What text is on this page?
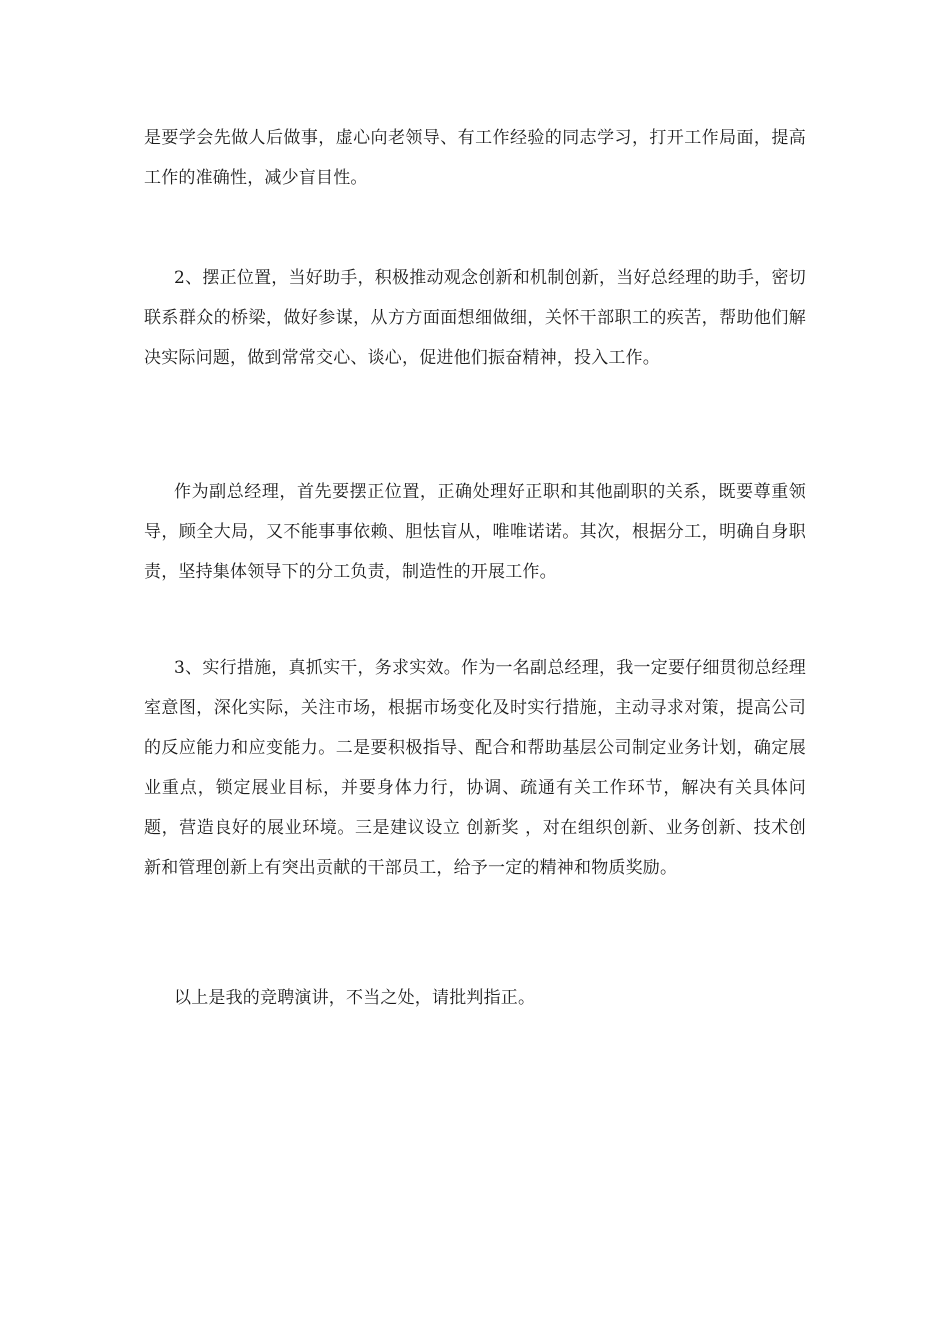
是要学会先做人后做事，虚心向老领导、有工作经验的同志学习，打开工作局面，提高工作的准确性，减少盲目性。

2、摆正位置，当好助手，积极推动观念创新和机制创新，当好总经理的助手，密切联系群众的桥梁，做好参谋，从方方面面想细做细，关怀干部职工的疾苦，帮助他们解决实际问题，做到常常交心、谈心，促进他们振奋精神，投入工作。

作为副总经理，首先要摆正位置，正确处理好正职和其他副职的关系，既要尊重领导，顾全大局，又不能事事依赖、胆怯盲从，唯唯诺诺。其次，根据分工，明确自身职责，坚持集体领导下的分工负责，制造性的开展工作。

3、实行措施，真抓实干，务求实效。作为一名副总经理，我一定要仔细贯彻总经理室意图，深化实际，关注市场，根据市场变化及时实行措施，主动寻求对策，提高公司的反应能力和应变能力。二是要积极指导、配合和帮助基层公司制定业务计划，确定展业重点，锁定展业目标，并要身体力行，协调、疏通有关工作环节，解决有关具体问题，营造良好的展业环境。三是建议设立 创新奖 ，对在组织创新、业务创新、技术创新和管理创新上有突出贡献的干部员工，给予一定的精神和物质奖励。

以上是我的竞聘演讲，不当之处，请批判指正。
